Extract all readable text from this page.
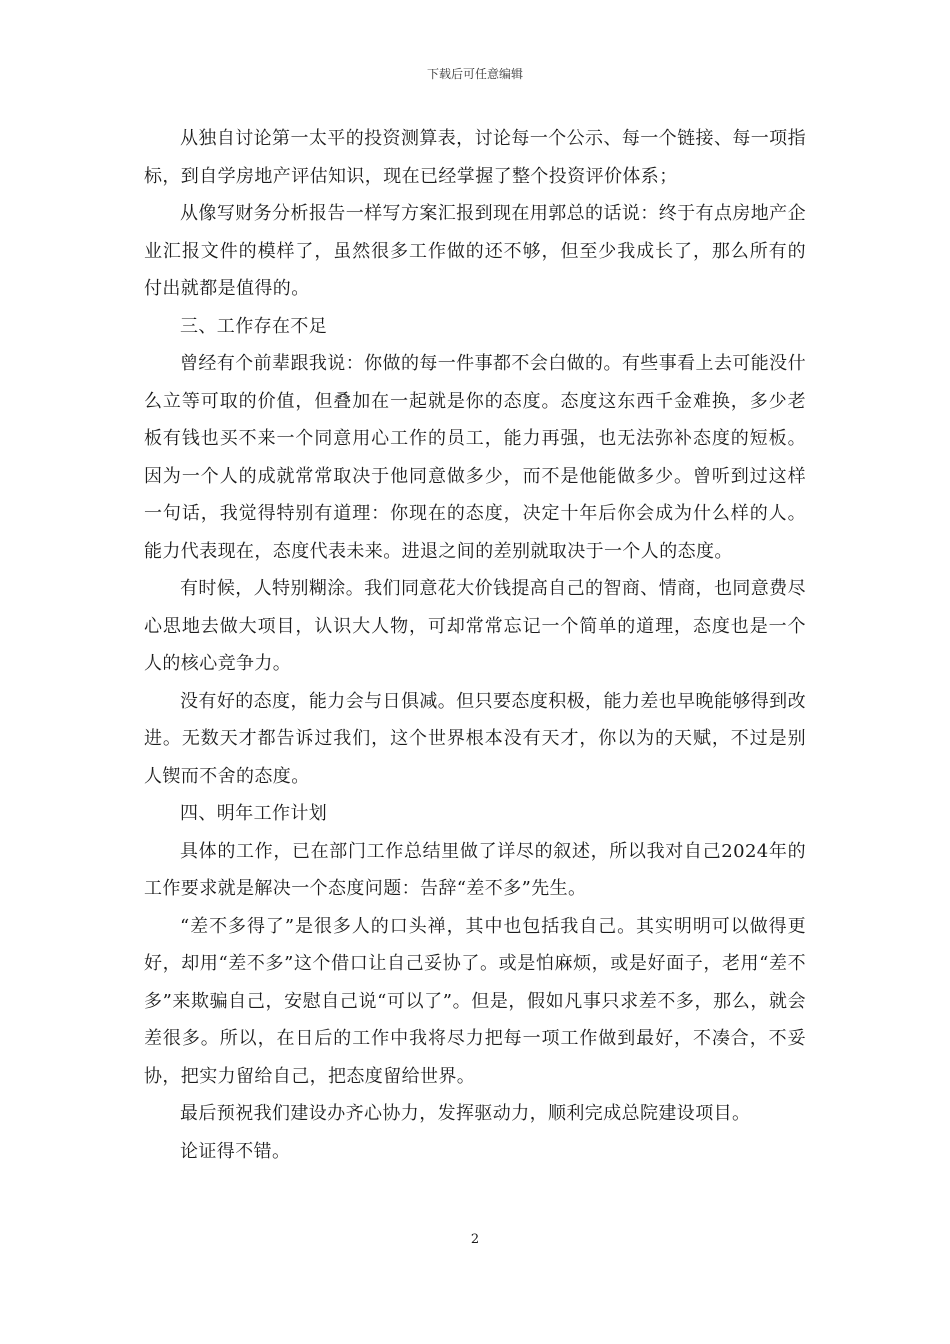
下载后可任意编辑

从独自讨论第一太平的投资测算表，讨论每一个公示、每一个链接、每一项指标，到自学房地产评估知识，现在已经掌握了整个投资评价体系；

从像写财务分析报告一样写方案汇报到现在用郭总的话说：终于有点房地产企业汇报文件的模样了，虽然很多工作做的还不够，但至少我成长了，那么所有的付出就都是值得的。

三、工作存在不足

曾经有个前辈跟我说：你做的每一件事都不会白做的。有些事看上去可能没什么立等可取的价值，但叠加在一起就是你的态度。态度这东西千金难换，多少老板有钱也买不来一个同意用心工作的员工，能力再强，也无法弥补态度的短板。因为一个人的成就常常取决于他同意做多少，而不是他能做多少。曾听到过这样一句话，我觉得特别有道理：你现在的态度，决定十年后你会成为什么样的人。能力代表现在，态度代表未来。进退之间的差别就取决于一个人的态度。

有时候，人特别糊涂。我们同意花大价钱提高自己的智商、情商，也同意费尽心思地去做大项目，认识大人物，可却常常忘记一个简单的道理，态度也是一个人的核心竞争力。

没有好的态度，能力会与日俱减。但只要态度积极，能力差也早晚能够得到改进。无数天才都告诉过我们，这个世界根本没有天才，你以为的天赋，不过是别人锲而不舍的态度。

四、明年工作计划

具体的工作，已在部门工作总结里做了详尽的叙述，所以我对自己2024年的工作要求就是解决一个态度问题：告辞“差不多”先生。

“差不多得了”是很多人的口头禅，其中也包括我自己。其实明明可以做得更好，却用“差不多”这个借口让自己妥协了。或是怕麻烦，或是好面子，老用“差不多”来欺骗自己，安慰自己说“可以了”。但是，假如凡事只求差不多，那么，就会差很多。所以，在日后的工作中我将尽力把每一项工作做到最好，不凑合，不妥协，把实力留给自己，把态度留给世界。

最后预祝我们建设办齐心协力，发挥驱动力，顺利完成总院建设项目。

论证得不错。

2
